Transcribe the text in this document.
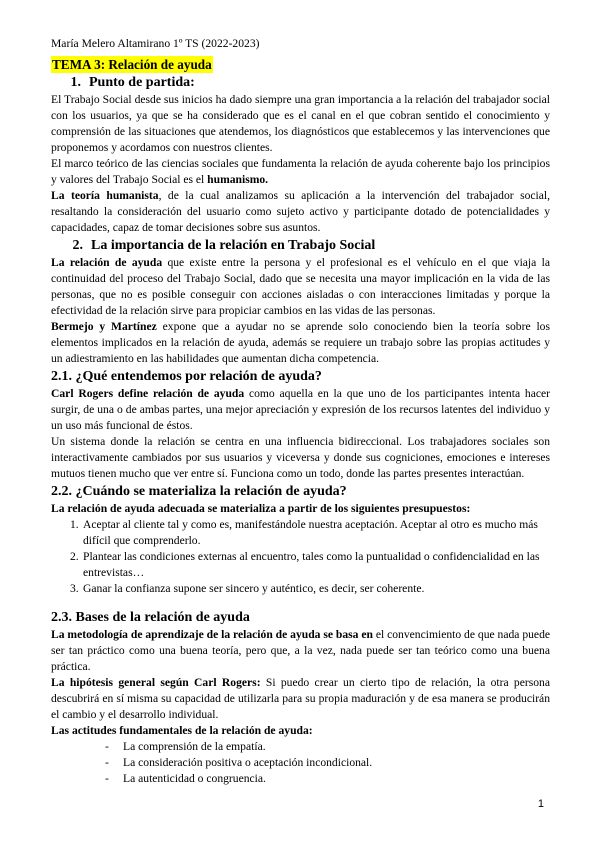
María Melero Altamirano 1º TS (2022-2023)

TEMA 3: Relación de ayuda
1. Punto de partida:

El Trabajo Social desde sus inicios ha dado siempre una gran importancia a la relación del trabajador social con los usuarios, ya que se ha considerado que es el canal en el que cobran sentido el conocimiento y comprensión de las situaciones que atendemos, los diagnósticos que establecemos y las intervenciones que proponemos y acordamos con nuestros clientes.

El marco teórico de las ciencias sociales que fundamenta la relación de ayuda coherente bajo los principios y valores del Trabajo Social es el humanismo.

La teoría humanista, de la cual analizamos su aplicación a la intervención del trabajador social, resaltando la consideración del usuario como sujeto activo y participante dotado de potencialidades y capacidades, capaz de tomar decisiones sobre sus asuntos.

2. La importancia de la relación en Trabajo Social

La relación de ayuda que existe entre la persona y el profesional es el vehículo en el que viaja la continuidad del proceso del Trabajo Social, dado que se necesita una mayor implicación en la vida de las personas, que no es posible conseguir con acciones aisladas o con interacciones limitadas y porque la efectividad de la relación sirve para propiciar cambios en las vidas de las personas.

Bermejo y Martínez expone que a ayudar no se aprende solo conociendo bien la teoría sobre los elementos implicados en la relación de ayuda, además se requiere un trabajo sobre las propias actitudes y un adiestramiento en las habilidades que aumentan dicha competencia.

2.1. ¿Qué entendemos por relación de ayuda?

Carl Rogers define relación de ayuda como aquella en la que uno de los participantes intenta hacer surgir, de una o de ambas partes, una mejor apreciación y expresión de los recursos latentes del individuo y un uso más funcional de éstos.

Un sistema donde la relación se centra en una influencia bidireccional. Los trabajadores sociales son interactivamente cambiados por sus usuarios y viceversa y donde sus cogniciones, emociones e intereses mutuos tienen mucho que ver entre sí. Funciona como un todo, donde las partes presentes interactúan.

2.2. ¿Cuándo se materializa la relación de ayuda?

La relación de ayuda adecuada se materializa a partir de los siguientes presupuestos:

1. Aceptar al cliente tal y como es, manifestándole nuestra aceptación. Aceptar al otro es mucho más difícil que comprenderlo.
2. Plantear las condiciones externas al encuentro, tales como la puntualidad o confidencialidad en las entrevistas…
3. Ganar la confianza supone ser sincero y auténtico, es decir, ser coherente.
2.3. Bases de la relación de ayuda

La metodología de aprendizaje de la relación de ayuda se basa en el convencimiento de que nada puede ser tan práctico como una buena teoría, pero que, a la vez, nada puede ser tan teórico como una buena práctica.

La hipótesis general según Carl Rogers: Si puedo crear un cierto tipo de relación, la otra persona descubrirá en sí misma su capacidad de utilizarla para su propia maduración y de esa manera se producirán el cambio y el desarrollo individual.

Las actitudes fundamentales de la relación de ayuda:

- La comprensión de la empatía.
- La consideración positiva o aceptación incondicional.
- La autenticidad o congruencia.
1
